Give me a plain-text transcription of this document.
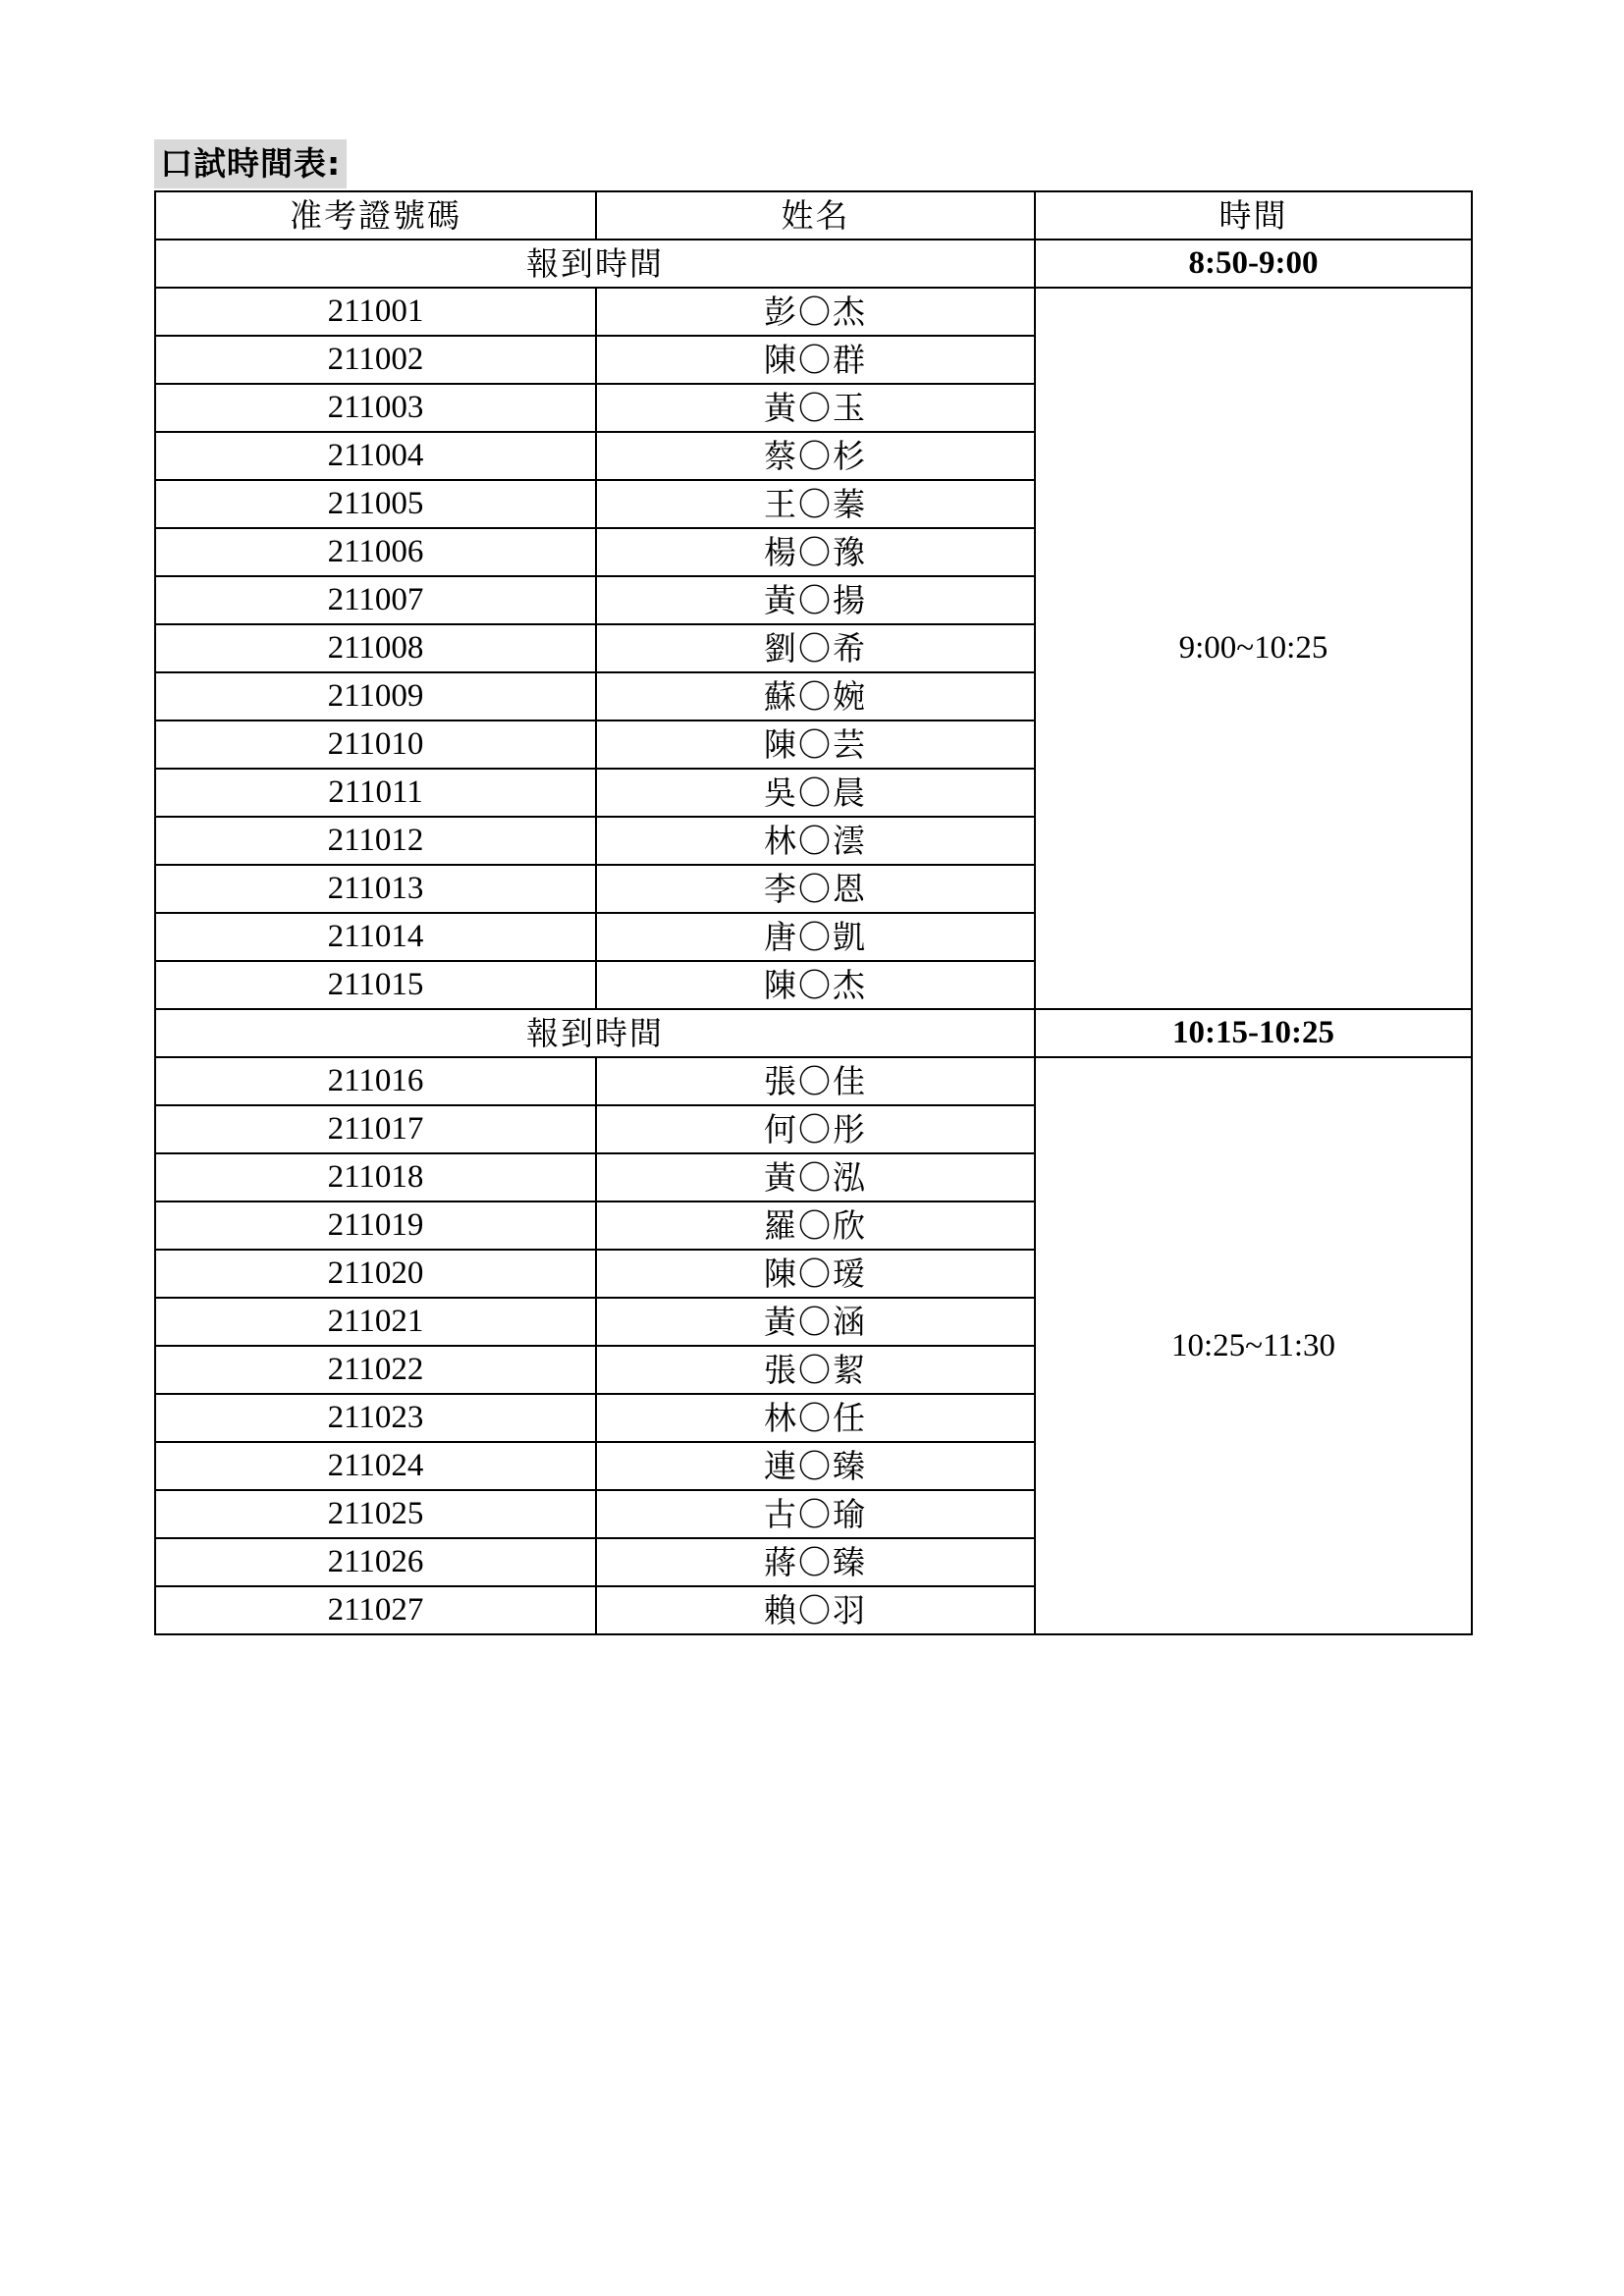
口試時間表:
准考證號碼	姓名	時間
報到時間		8:50-9:00
211001	彭〇杰	9:00~10:25
211002	陳〇群	
211003	黃〇玉	
211004	蔡〇杉	
211005	王〇蓁	
211006	楊〇豫	
211007	黃〇揚	
211008	劉〇希	
211009	蘇〇婉	
211010	陳〇芸	
211011	吳〇晨	
211012	林〇澐	
211013	李〇恩	
211014	唐〇凱	
211015	陳〇杰	
報到時間		10:15-10:25
211016	張〇佳	10:25~11:30
211017	何〇彤	
211018	黃〇泓	
211019	羅〇欣	
211020	陳〇瑷	
211021	黃〇涵	
211022	張〇絜	
211023	林〇任	
211024	連〇臻	
211025	古〇瑜	
211026	蔣〇臻	
211027	賴〇羽	
